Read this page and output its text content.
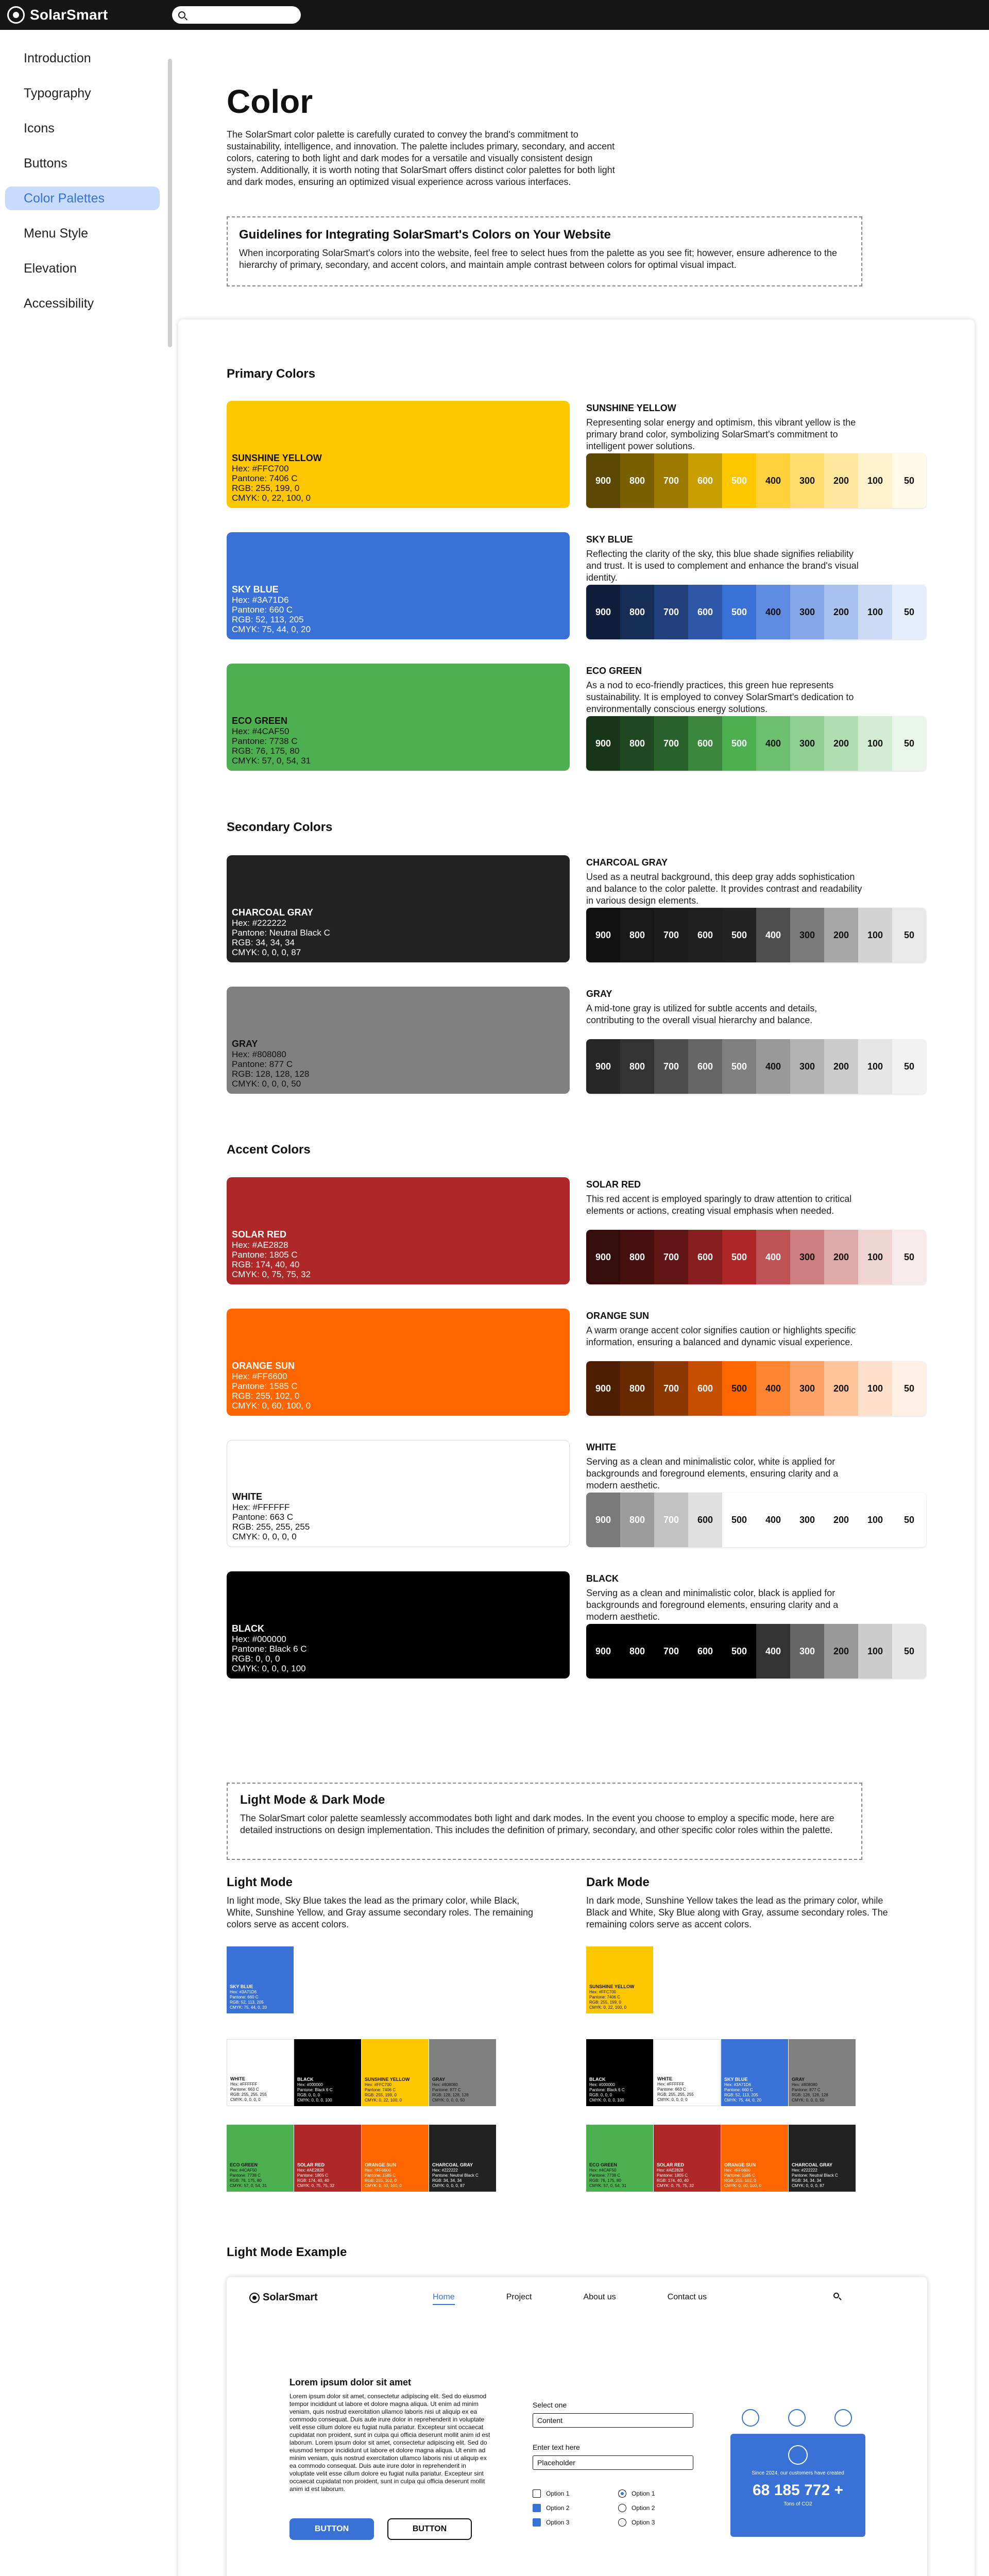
SolarSmart
Introduction
Typography
Icons
Buttons
Color Palettes
Menu Style
Elevation
Accessibility
Color

The SolarSmart color palette is carefully curated to convey the brand's commitment to sustainability, intelligence, and innovation. The palette includes primary, secondary, and accent colors, catering to both light and dark modes for a versatile and visually consistent design system. Additionally, it is worth noting that SolarSmart offers distinct color palettes for both light and dark modes, ensuring an optimized visual experience across various interfaces.

Guidelines for Integrating SolarSmart's Colors on Your Website
When incorporating SolarSmart's colors into the website, feel free to select hues from the palette as you see fit; however, ensure adherence to the hierarchy of primary, secondary, and accent colors, and maintain ample contrast between colors for optimal visual impact.
Primary Colors
Secondary Colors
Accent Colors
SUNSHINE YELLOW
Hex: #FFC700
Pantone: 7406 C
RGB: 255, 199, 0
CMYK: 0, 22, 100, 0
SUNSHINE YELLOW
Representing solar energy and optimism, this vibrant yellow is the primary brand color, symbolizing SolarSmart's commitment to intelligent power solutions.
900	800	700	600	500	400	300	200	100	50
SKY BLUE
Hex: #3A71D6
Pantone: 660 C
RGB: 52, 113, 205
CMYK: 75, 44, 0, 20
SKY BLUE
Reflecting the clarity of the sky, this blue shade signifies reliability and trust. It is used to complement and enhance the brand's visual identity.
900	800	700	600	500	400	300	200	100	50
ECO GREEN
Hex: #4CAF50
Pantone: 7738 C
RGB: 76, 175, 80
CMYK: 57, 0, 54, 31
ECO GREEN
As a nod to eco-friendly practices, this green hue represents sustainability. It is employed to convey SolarSmart's dedication to environmentally conscious energy solutions.
900	800	700	600	500	400	300	200	100	50
CHARCOAL GRAY
Hex: #222222
Pantone: Neutral Black C
RGB: 34, 34, 34
CMYK: 0, 0, 0, 87
CHARCOAL GRAY
Used as a neutral background, this deep gray adds sophistication and balance to the color palette. It provides contrast and readability in various design elements.
900	800	700	600	500	400	300	200	100	50
GRAY
Hex: #808080
Pantone: 877 C
RGB: 128, 128, 128
CMYK: 0, 0, 0, 50
GRAY
A mid-tone gray is utilized for subtle accents and details, contributing to the overall visual hierarchy and balance.
900	800	700	600	500	400	300	200	100	50
SOLAR RED
Hex: #AE2828
Pantone: 1805 C
RGB: 174, 40, 40
CMYK: 0, 75, 75, 32
SOLAR RED
This red accent is employed sparingly to draw attention to critical elements or actions, creating visual emphasis when needed.
900	800	700	600	500	400	300	200	100	50
ORANGE SUN
Hex: #FF6600
Pantone: 1585 C
RGB: 255, 102, 0
CMYK: 0, 60, 100, 0
ORANGE SUN
A warm orange accent color signifies caution or highlights specific information, ensuring a balanced and dynamic visual experience.
900	800	700	600	500	400	300	200	100	50
WHITE
Hex: #FFFFFF
Pantone: 663 C
RGB: 255, 255, 255
CMYK: 0, 0, 0, 0
WHITE
Serving as a clean and minimalistic color, white is applied for backgrounds and foreground elements, ensuring clarity and a modern aesthetic.
900	800	700	600	500	400	300	200	100	50
BLACK
Hex: #000000
Pantone: Black 6 C
RGB: 0, 0, 0
CMYK: 0, 0, 0, 100
BLACK
Serving as a clean and minimalistic color, black is applied for backgrounds and foreground elements, ensuring clarity and a modern aesthetic.
900	800	700	600	500	400	300	200	100	50
Light Mode & Dark Mode
The SolarSmart color palette seamlessly accommodates both light and dark modes. In the event you choose to employ a specific mode, here are detailed instructions on design implementation. This includes the definition of primary, secondary, and other specific color roles within the palette.
Light Mode
In light mode, Sky Blue takes the lead as the primary color, while Black, White, Sunshine Yellow, and Gray assume secondary roles. The remaining colors serve as accent colors.
Dark Mode
In dark mode, Sunshine Yellow takes the lead as the primary color, while Black and White, Sky Blue along with Gray, assume secondary roles. The remaining colors serve as accent colors.
SKY BLUE
Hex: #3A71D6
Pantone: 660 C
RGB: 52, 113, 205
CMYK: 75, 44, 0, 20
WHITE
Hex: #FFFFFF
Pantone: 663 C
RGB: 255, 255, 255
CMYK: 0, 0, 0, 0
BLACK
Hex: #000000
Pantone: Black 6 C
RGB: 0, 0, 0
CMYK: 0, 0, 0, 100
SUNSHINE YELLOW
Hex: #FFC700
Pantone: 7406 C
RGB: 255, 199, 0
CMYK: 0, 22, 100, 0
GRAY
Hex: #808080
Pantone: 877 C
RGB: 128, 128, 128
CMYK: 0, 0, 0, 50
ECO GREEN
Hex: #4CAF50
Pantone: 7738 C
RGB: 76, 175, 80
CMYK: 57, 0, 54, 31
SOLAR RED
Hex: #AE2828
Pantone: 1805 C
RGB: 174, 40, 40
CMYK: 0, 75, 75, 32
ORANGE SUN
Hex: #FF6600
Pantone: 1585 C
RGB: 255, 102, 0
CMYK: 0, 60, 100, 0
CHARCOAL GRAY
Hex: #222222
Pantone: Neutral Black C
RGB: 34, 34, 34
CMYK: 0, 0, 0, 87
SUNSHINE YELLOW
Hex: #FFC700
Pantone: 7406 C
RGB: 255, 199, 0
CMYK: 0, 22, 100, 0
BLACK
Hex: #000000
Pantone: Black 6 C
RGB: 0, 0, 0
CMYK: 0, 0, 0, 100
WHITE
Hex: #FFFFFF
Pantone: 663 C
RGB: 255, 255, 255
CMYK: 0, 0, 0, 0
SKY BLUE
Hex: #3A71D6
Pantone: 660 C
RGB: 52, 113, 205
CMYK: 75, 44, 0, 20
GRAY
Hex: #808080
Pantone: 877 C
RGB: 128, 128, 128
CMYK: 0, 0, 0, 50
ECO GREEN
Hex: #4CAF50
Pantone: 7738 C
RGB: 76, 175, 80
CMYK: 57, 0, 54, 31
SOLAR RED
Hex: #AE2828
Pantone: 1805 C
RGB: 174, 40, 40
CMYK: 0, 75, 75, 32
ORANGE SUN
Hex: #FF6600
Pantone: 1585 C
RGB: 255, 102, 0
CMYK: 0, 60, 100, 0
CHARCOAL GRAY
Hex: #222222
Pantone: Neutral Black C
RGB: 34, 34, 34
CMYK: 0, 0, 0, 87
Light Mode Example
SolarSmart	Home	Project	About us	Contact us
Lorem ipsum dolor sit amet
Lorem ipsum dolor sit amet, consectetur adipiscing elit. Sed do eiusmod tempor incididunt ut labore et dolore magna aliqua. Ut enim ad minim veniam, quis nostrud exercitation ullamco laboris nisi ut aliquip ex ea commodo consequat. Duis aute irure dolor in reprehenderit in voluptate velit esse cillum dolore eu fugiat nulla pariatur. Excepteur sint occaecat cupidatat non proident, sunt in culpa qui officia deserunt mollit anim id est laborum. Lorem ipsum dolor sit amet, consectetur adipiscing elit. Sed do eiusmod tempor incididunt ut labore et dolore magna aliqua. Ut enim ad minim veniam, quis nostrud exercitation ullamco laboris nisi ut aliquip ex ea commodo consequat. Duis aute irure dolor in reprehenderit in voluptate velit esse cillum dolore eu fugiat nulla pariatur. Excepteur sint occaecat cupidatat non proident, sunt in culpa qui officia deserunt mollit anim id est laborum.
BUTTON	BUTTON
Select one
Content
Enter text here
Placeholder
Option 1	Option 1
Option 2	Option 2
Option 3	Option 3
Since 2024, our customers have created
68 185 772 +
Tons of CO2
